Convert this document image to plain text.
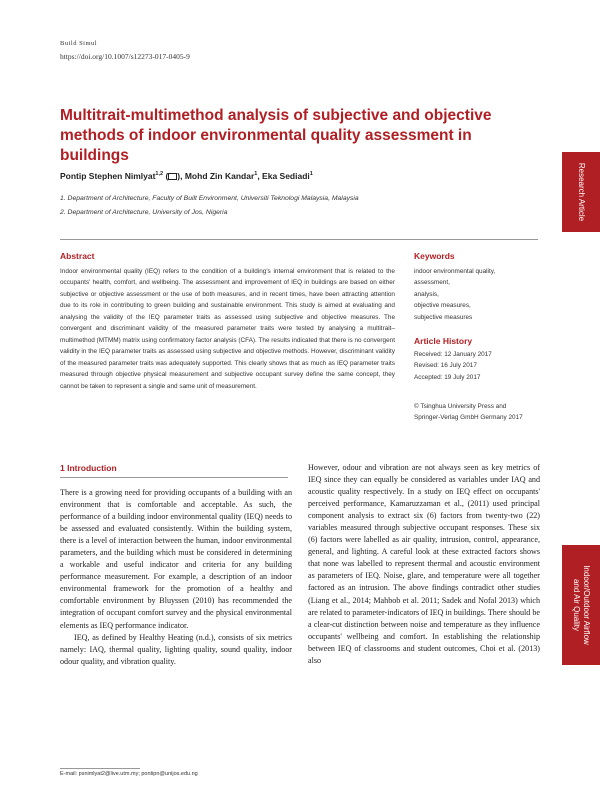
Build Simul
https://doi.org/10.1007/s12273-017-0405-9
Multitrait-multimethod analysis of subjective and objective methods of indoor environmental quality assessment in buildings
Pontip Stephen Nimlyat$^{1,2}$ ( ), Mohd Zin Kandar$^1$, Eka Sediadi$^1$
1. Department of Architecture, Faculty of Built Environment, Universiti Teknologi Malaysia, Malaysia
2. Department of Architecture, University of Jos, Nigeria	Research Article
Abstract
Indoor environmental quality (IEQ) refers to the condition of a building's internal environment that is related to the occupants' health, comfort, and wellbeing. The assessment and improvement of IEQ in buildings are based on either subjective or objective assessment or the use of both measures, and in recent times, have been attracting attention due to its role in contributing to green building and sustainable environment. This study is aimed at evaluating and analysing the validity of the IEQ parameter traits as assessed using subjective and objective measures. The convergent and discriminant validity of the measured parameter traits were tested by analysing a multitrait–multimethod (MTMM) matrix using confirmatory factor analysis (CFA). The results indicated that there is no convergent validity in the IEQ parameter traits as assessed using subjective and objective methods. However, discriminant validity of the measured parameter traits was adequately supported. This clearly shows that as much as IEQ parameter traits measured through objective physical measurement and subjective occupant survey define the same concept, they cannot be taken to represent a single and same unit of measurement.
Keywords
indoor environmental quality,
assessment,
analysis,
objective measures,
subjective measures
Article History
Received: 12 January 2017
Revised: 16 July 2017
Accepted: 19 July 2017
© Tsinghua University Press and
Springer-Verlag GmbH Germany 2017
1 Introduction
There is a growing need for providing occupants of a building with an environment that is comfortable and acceptable. As such, the performance of a building indoor environmental quality (IEQ) needs to be assessed and evaluated consistently. Within the building system, there is a level of interaction between the human, indoor environmental parameters, and the building which must be considered in determining a workable and useful indicator and criteria for any building performance measurement. For example, a description of an indoor environmental framework for the promotion of a healthy and comfortable environment by Bluyssen (2010) has recommended the integration of occupant comfort survey and the physical environmental elements as IEQ performance indicator.
IEQ, as defined by Healthy Heating (n.d.), consists of six metrics namely: IAQ, thermal quality, lighting quality, sound quality, indoor odour quality, and vibration quality.
However, odour and vibration are not always seen as key metrics of IEQ since they can equally be considered as variables under IAQ and acoustic quality respectively. In a study on IEQ effect on occupants' perceived performance, Kamaruzzaman et al., (2011) used principal component analysis to extract six (6) factors from twenty-two (22) variables measured through subjective occupant responses. These six (6) factors were labelled as air quality, intrusion, control, appearance, general, and lighting. A careful look at these extracted factors shows that none was labelled to represent thermal and acoustic environment as parameters of IEQ. Noise, glare, and temperature were all together factored as an intrusion. The above findings contradict other studies (Liang et al., 2014; Mahbob et al. 2011; Sadek and Nofal 2013) which are related to parameter-indicators of IEQ in buildings. There should be a clear-cut distinction between noise and temperature as they influence occupants' wellbeing and comfort. In establishing the relationship between IEQ of classrooms and student outcomes, Choi et al. (2013) also
Indoor/Outdoor Airflow
and Air Quality
E-mail: psnimlyat2@live.utm.my; pontipn@unijos.edu.ng
